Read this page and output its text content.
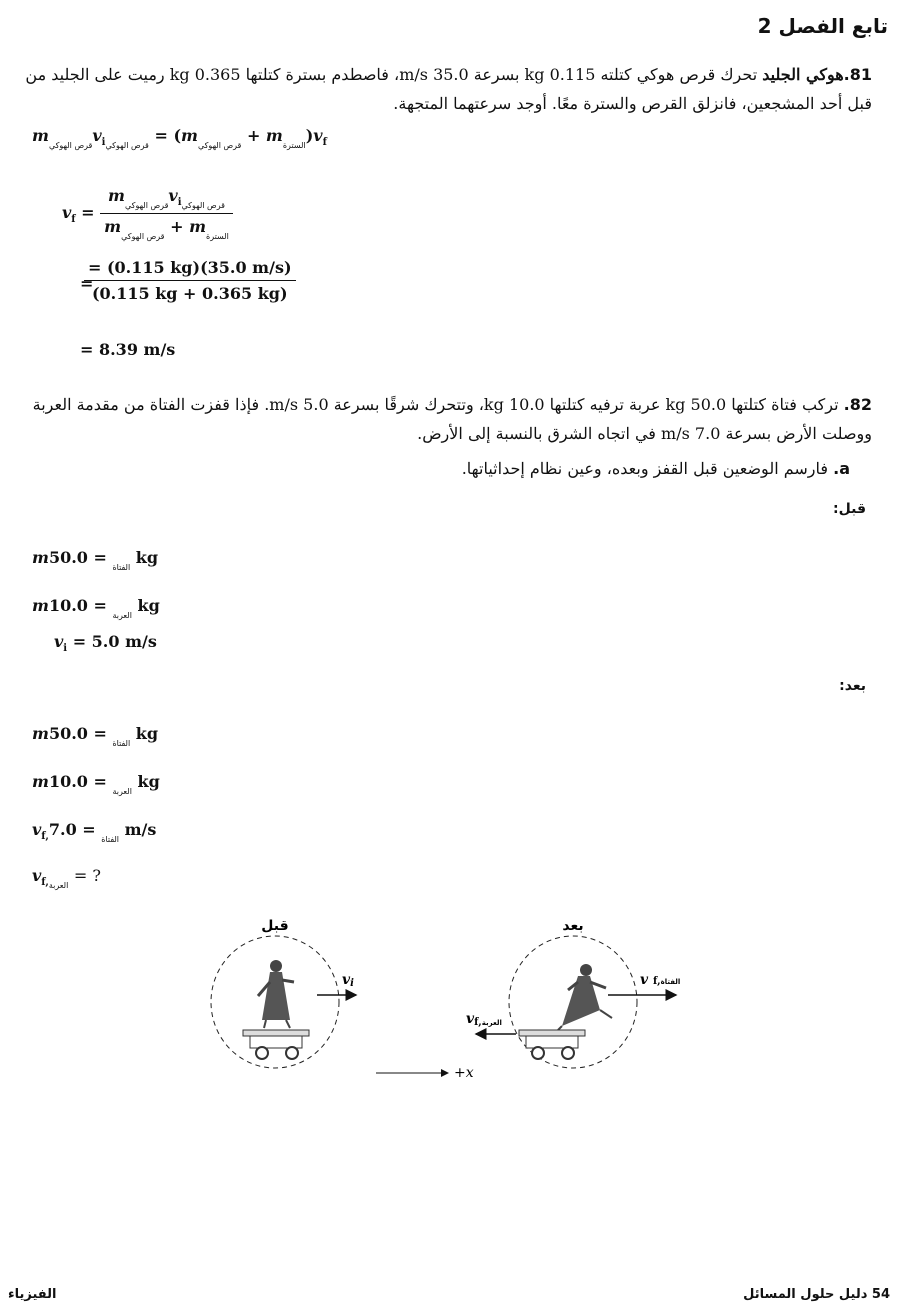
تابع الفصل 2
81.هوكي الجليد تحرك قرص هوكي كتلته 0.115 kg بسرعة 35.0 m/s، فاصطدم بسترة كتلتها 0.365 kg رميت على الجليد من قبل أحد المشجعين، فانزلق القرص والسترة معًا. أوجد سرعتهما المتجهة.
$m_{قرص الهوكي}v_{iقرص الهوكي} = (m_{قرص الهوكي} + m_{السترة})v_f$
$v_f = \frac{m_{قرص الهوكي}v_{iقرص الهوكي}}{m_{قرص الهوكي} + m_{السترة}}$
$\frac{= (0.115 kg)(35.0 m/s)}{(0.115 kg + 0.365 kg)}$
=
= 8.39 m/s
82. تركب فتاة كتلتها 50.0 kg عربة ترفيه كتلتها 10.0 kg، وتتحرك شرقًا بسرعة 5.0 m/s. فإذا قفزت الفتاة من مقدمة العربة ووصلت الأرض بسرعة 7.0 m/s في اتجاه الشرق بالنسبة إلى الأرض.
a. فارسم الوضعين قبل القفز وبعده، وعين نظام إحداثياتها.
قبل:
$m_{الفتاة} = 50.0$ kg
$m_{العربة} = 10.0$ kg
$v_i = 5.0$ m/s
بعد:
$m_{الفتاة} = 50.0$ kg
$m_{العربة} = 10.0$ kg
$v_{f,}$	$_{الفتاة}$ = 7.0 m/s
$v_{f,العربة}$ = ?
vi
قبل
v f,الفتاة
vf,العربة
بعد
+x
الفيزياء	54 دليل حلول المسائل
